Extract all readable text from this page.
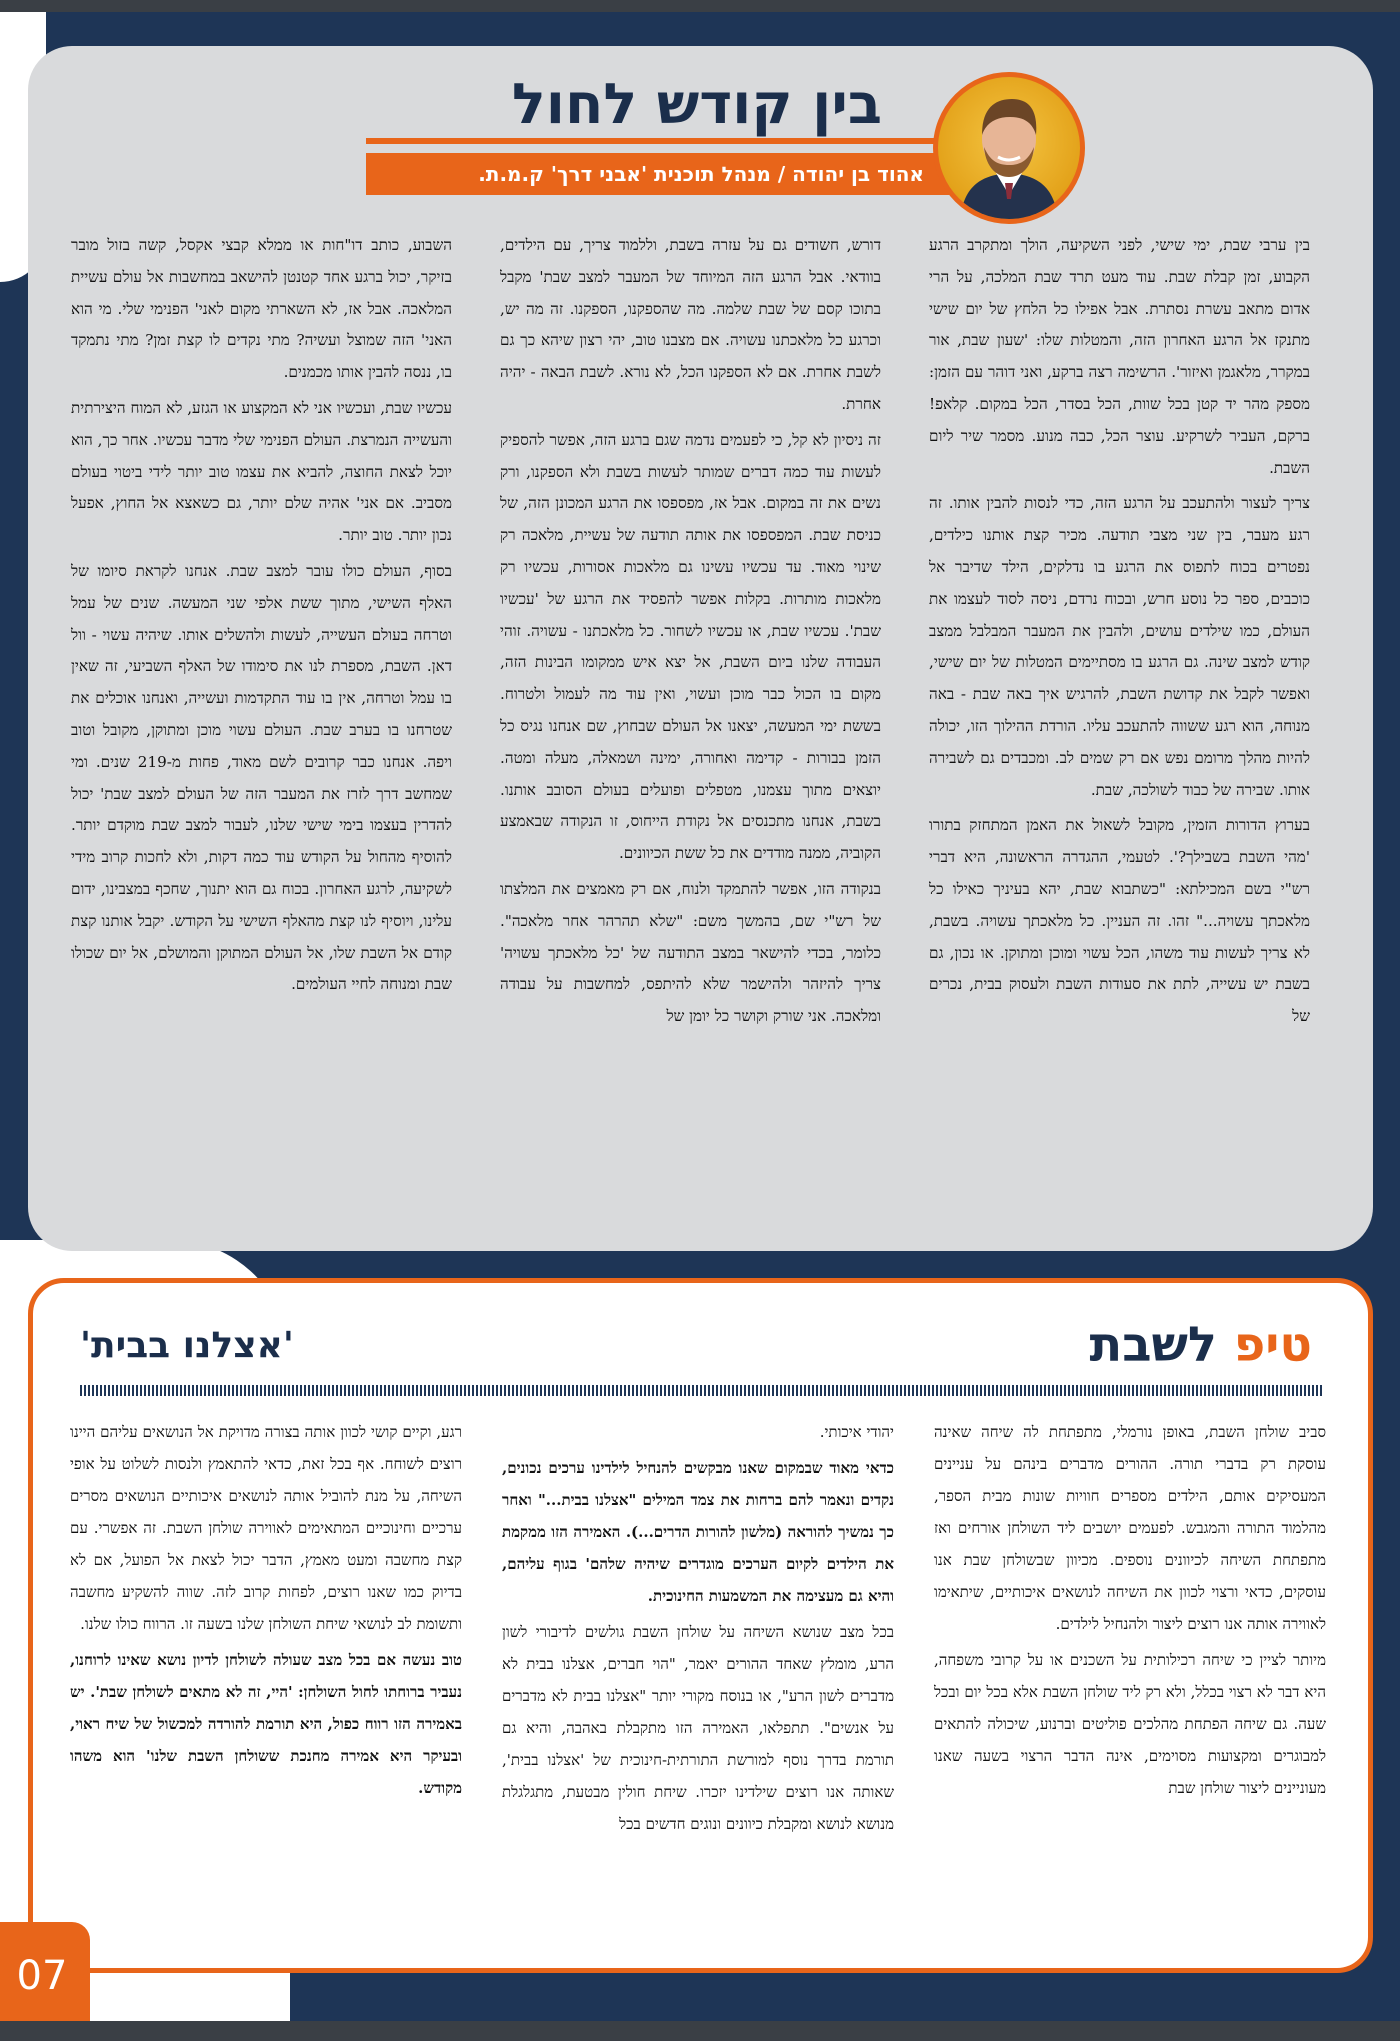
בין קודש לחול
אהוד בן יהודה / מנהל תוכנית 'אבני דרך' ק.מ.ת.

בין ערבי שבת, ימי שישי, לפני השקיעה, הולך ומתקרב הרגע הקבוע, זמן קבלת שבת. עוד מעט תרד שבת המלכה, על הרי אדום מתאב עשרת נסתרת. אבל אפילו כל הלחץ של יום שישי מתנקז אל הרגע האחרון הזה, והמטלות שלו: 'שעון שבת, אור במקרר, מלאגמן ואיזור'. הרשימה רצה ברקע, ואני דוהר עם הזמן: מספק מהר יד קטן בכל שוות, הכל בסדר, הכל במקום. קלאפ! ברקם, העביר לשרקיע. עוצר הכל, כבה מנוע. מסמר שיר ליום השבת.

צריך לעצור ולהתעכב על הרגע הזה, כדי לנסות להבין אותו. זה רגע מעבר, בין שני מצבי תודעה. מכיר קצת אותנו כילדים, נפטרים בכוח לתפוס את הרגע בו נדלקים, הילד שדיבר אל כוכבים, ספר כל נוסע חרש, ובכוח נרדם, ניסה לסוד לעצמו את העולם, כמו שילדים עושים, ולהבין את המעבר המבלבל ממצב קודש למצב שינה. גם הרגע בו מסתיימים המטלות של יום שישי, ואפשר לקבל את קדושת השבת, להרגיש איך באה שבת - באה מנוחה, הוא רגע ששווה להתעכב עליו. הורדת ההילוך הזו, יכולה להיות מהלך מרומם נפש אם רק שמים לב. ומכבדים גם לשבירה אותו. שבירה של כבוד לשולכה, שבת.

בערוץ הדורות הזמין, מקובל לשאול את האמן המתחזק בתורו 'מהי השבת בשבילך?'. לטעמי, ההגדרה הראשונה, היא דברי רש"י בשם המכילתא: "כשתבוא שבת, יהא בעיניך כאילו כל מלאכתך עשויה..." זהו. זה העניין. כל מלאכתך עשויה. בשבת, לא צריך לעשות עוד משהו, הכל עשוי ומוכן ומתוקן. או נכון, גם בשבת יש עשייה, לתת את סעודות השבת ולעסוק בבית, נכרים של

דורש, חשודים גם על עזרה בשבת, וללמוד צריך, עם הילדים, בוודאי. אבל הרגע הזה המיוחד של המעבר למצב שבת' מקבל בתוכו קסם של שבת שלמה. מה שהספקנו, הספקנו. זה מה יש, וכרגע כל מלאכתנו עשויה. אם מצבנו טוב, יהי רצון שיהא כך גם לשבת אחרת. אם לא הספקנו הכל, לא נורא. לשבת הבאה - יהיה אחרת.

זה ניסיון לא קל, כי לפעמים נדמה שגם ברגע הזה, אפשר להספיק לעשות עוד כמה דברים שמותר לעשות בשבת ולא הספקנו, ורק נשים את זה במקום. אבל אז, מפספסו את הרגע המכונן הזה, של כניסת שבת. המפספסו את אותה תודעה של עשיית, מלאכה רק שינוי מאוד. עד עכשיו עשינו גם מלאכות אסורות, עכשיו רק מלאכות מותרות. בקלות אפשר להפסיד את הרגע של 'עכשיו שבת'. עכשיו שבת, או עכשיו לשחור. כל מלאכתנו - עשויה. זוהי העבודה שלנו ביום השבת, אל יצא איש ממקומו הבינות הזה, מקום בו הכול כבר מוכן ועשוי, ואין עוד מה לעמול ולטרוח. בששת ימי המעשה, יצאנו אל העולם שבחוץ, שם אנחנו נגיס כל הזמן בבורות - קדימה ואחורה, ימינה ושמאלה, מעלה ומטה. יוצאים מתוך עצמנו, מטפלים ופועלים בעולם הסובב אותנו. בשבת, אנחנו מתכנסים אל נקודת הייחוס, זו הנקודה שבאמצע הקוביה, ממנה מודדים את כל ששת הכיוונים.

בנקודה הזו, אפשר להתמקד ולנוח, אם רק מאמצים את המלצתו של רש"י שם, בהמשך משם: "שלא תהרהר אחר מלאכה". כלומר, בכדי להישאר במצב התודעה של 'כל מלאכתך עשויה' צריך להיזהר ולהישמר שלא להיתפס, למחשבות על עבודה ומלאכה. אני שורק וקושר כל יומן של

השבוע, כותב דו"חות או ממלא קבצי אקסל, קשה בזול מובר בזיקר, יכול ברגע אחד קטנטן להישאב במחשבות אל עולם עשיית המלאכה. אבל אז, לא השארתי מקום לאני' הפנימי שלי. מי הוא האני' הזה שמוצל ועשיה? מתי נקדים לו קצת זמן? מתי נתמקד בו, ננסה להבין אותו מכמנים.

עכשיו שבת, ועכשיו אני לא המקצוע או הגזע, לא המוח היצירתית והעשייה הנמרצת. העולם הפנימי שלי מדבר עכשיו. אחר כך, הוא יוכל לצאת החוצה, להביא את עצמו טוב יותר לידי ביטוי בעולם מסביב. אם אני' אהיה שלם יותר, גם כשאצא אל החוץ, אפעל נכון יותר. טוב יותר.

בסוף, העולם כולו עובר למצב שבת. אנחנו לקראת סיומו של האלף השישי, מתוך ששת אלפי שני המעשה. שנים של עמל וטרחה בעולם העשייה, לעשות ולהשלים אותו. שיהיה עשוי - וול דאן. השבת, מספרת לנו את סימודו של האלף השביעי, זה שאין בו עמל וטרחה, אין בו עוד התקדמות ועשייה, ואנחנו אוכלים את שטרחנו בו בערב שבת. העולם עשוי מוכן ומתוקן, מקובל וטוב ויפה. אנחנו כבר קרובים לשם מאוד, פחות מ-219 שנים. ומי שמחשב דרך לזרז את המעבר הזה של העולם למצב שבת' יכול להדרין בעצמו בימי שישי שלנו, לעבור למצב שבת מוקדם יותר. להוסיף מהחול על הקודש עוד כמה דקות, ולא לחכות קרוב מידי לשקיעה, לרגע האחרון. בכוח גם הוא יתנוך, שחכף במצבינו, ידום עלינו, ויוסיף לנו קצת מהאלף השישי על הקודש. יקבל אותנו קצת קודם אל השבת שלו, אל העולם המתוקן והמושלם, אל יום שכולו שבת ומנוחה לחיי העולמים.

טיפ לשבת
'אצלנו בבית'

סביב שולחן השבת, באופן נורמלי, מתפתחת לה שיחה שאינה עוסקת רק בדברי תורה. ההורים מדברים בינהם על עניינים המעסיקים אותם, הילדים מספרים חוויות שונות מבית הספר, מהלמוד התורה והמגבש. לפעמים יושבים ליד השולחן אורחים ואז מתפתחת השיחה לכיוונים נוספים. מכיוון שבשולחן שבת אנו עוסקים, כדאי ורצוי לכוון את השיחה לנושאים איכותיים, שיתאימו לאווירה אותה אנו רוצים ליצור ולהנחיל לילדים.

מיותר לציין כי שיחה רכילותית על השכנים או על קרובי משפחה, היא דבר לא רצוי בכלל, ולא רק ליד שולחן השבת אלא בכל יום ובכל שעה. גם שיחה הפתחת מהלכים פוליטים וברנוע, שיכולה להתאים למבוגרים ומקצועות מסוימים, אינה הדבר הרצוי בשעה שאנו מעוניינים ליצור שולחן שבת

יהודי איכותי.

כדאי מאוד שבמקום שאנו מבקשים להנחיל לילדינו ערכים נכונים, נקדים ונאמר להם ברחות את צמד המילים "אצלנו בבית..." ואחר כך נמשיך להוראה (מלשון להורות הדרים...). האמירה הזו ממקמת את הילדים לקיום הערכים מוגדרים שיהיה שלהם' בגוף עליהם, והיא גם מעצימה את המשמעות החינוכית.

בכל מצב שנושא השיחה על שולחן השבת גולשים לדיבורי לשון הרע, מומלץ שאחד ההורים יאמר, "הוי חברים, אצלנו בבית לא מדברים לשון הרע", או בנוסח מקורי יותר "אצלנו בבית לא מדברים על אנשים". תתפלאו, האמירה הזו מתקבלת באהבה, והיא גם תורמת בדרך נוסף למורשת התורתית-חינוכית של 'אצלנו בבית', שאותה אנו רוצים שילדינו יזכרו. שיחת חולין מבטעת, מתגלגלת מנושא לנושא ומקבלת כיוונים ונוגים חדשים בכל

רגע, וקיים קושי לכוון אותה בצורה מדויקת אל הנושאים עליהם היינו רוצים לשוחח. אף בכל זאת, כדאי להתאמץ ולנסות לשלוט על אופי השיחה, על מנת להוביל אותה לנושאים איכותיים הנושאים מסרים ערכיים וחינוכיים המתאימים לאווירה שולחן השבת. זה אפשרי. עם קצת מחשבה ומעט מאמץ, הדבר יכול לצאת אל הפועל, אם לא בדיוק כמו שאנו רוצים, לפחות קרוב לזה. שווה להשקיע מחשבה ותשומת לב לנושאי שיחת השולחן שלנו בשעה זו. הרווח כולו שלנו.

טוב נעשה אם בכל מצב שעולה לשולחן לדיון נושא שאינו לרוחנו, נעביר ברוחתו לחול השולחן: 'היי, זה לא מתאים לשולחן שבת'. יש באמירה הזו רווח כפול, היא תורמת להורדה למכשול של שיח ראוי, ובעיקר היא אמירה מחנכת ששולחן השבת שלנו' הוא משהו מקודש.

07
